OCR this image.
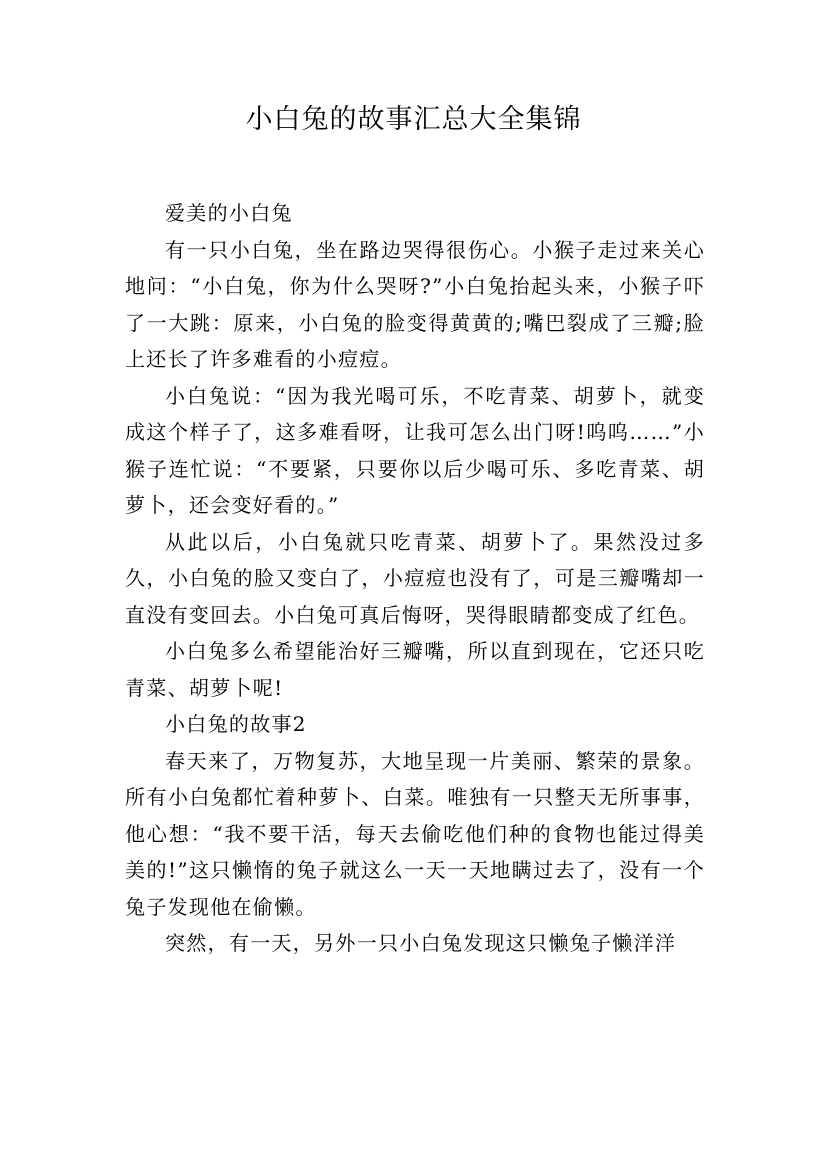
小白兔的故事汇总大全集锦

爱美的小白兔

有一只小白兔，坐在路边哭得很伤心。小猴子走过来关心地问：“小白兔，你为什么哭呀?”小白兔抬起头来，小猴子吓了一大跳：原来，小白兔的脸变得黄黄的;嘴巴裂成了三瓣;脸上还长了许多难看的小痘痘。

小白兔说：“因为我光喝可乐，不吃青菜、胡萝卜，就变成这个样子了，这多难看呀，让我可怎么出门呀!呜呜……”小猴子连忙说：“不要紧，只要你以后少喝可乐、多吃青菜、胡萝卜，还会变好看的。”

从此以后，小白兔就只吃青菜、胡萝卜了。果然没过多久，小白兔的脸又变白了，小痘痘也没有了，可是三瓣嘴却一直没有变回去。小白兔可真后悔呀，哭得眼睛都变成了红色。

小白兔多么希望能治好三瓣嘴，所以直到现在，它还只吃青菜、胡萝卜呢!

小白兔的故事2

春天来了，万物复苏，大地呈现一片美丽、繁荣的景象。所有小白兔都忙着种萝卜、白菜。唯独有一只整天无所事事，他心想：“我不要干活，每天去偷吃他们种的食物也能过得美美的!”这只懒惰的兔子就这么一天一天地瞒过去了，没有一个兔子发现他在偷懒。

突然，有一天，另外一只小白兔发现这只懒兔子懒洋洋
